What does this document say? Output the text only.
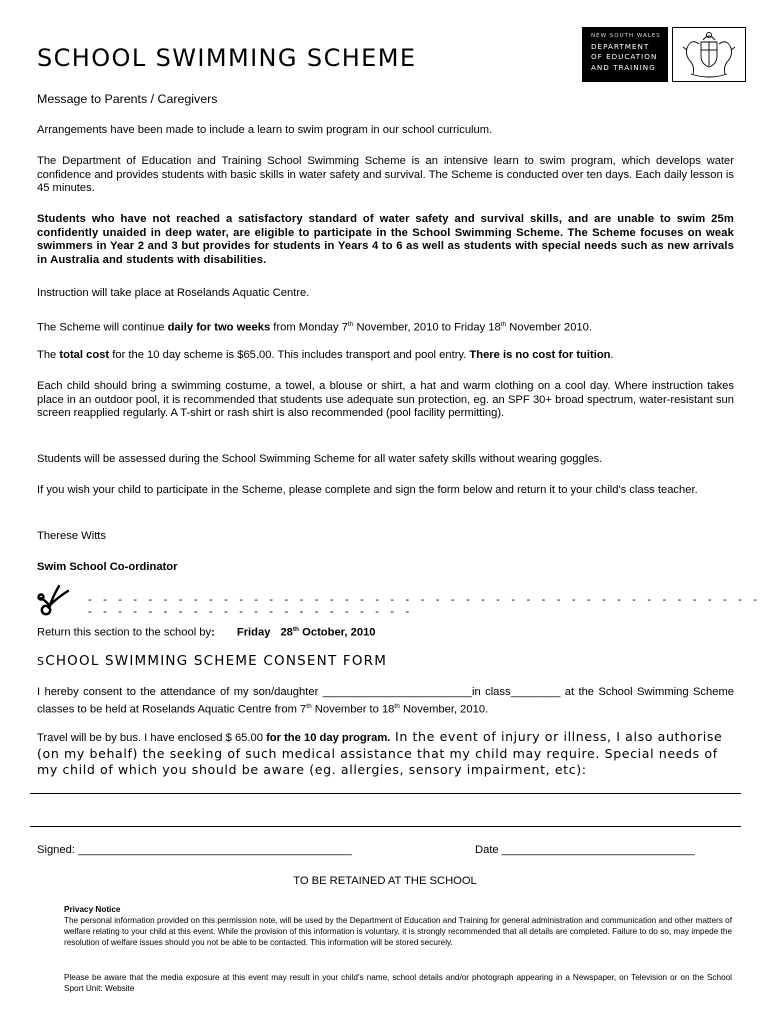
SCHOOL SWIMMING SCHEME
NEW SOUTH WALES
DEPARTMENT
OF EDUCATION
AND TRAINING

Message to Parents / Caregivers

Arrangements have been made to include a learn to swim program in our school curriculum.

The Department of Education and Training School Swimming Scheme is an intensive learn to swim program, which develops water confidence and provides students with basic skills in water safety and survival. The Scheme is conducted over ten days. Each daily lesson is 45 minutes.

Students who have not reached a satisfactory standard of water safety and survival skills, and are unable to swim 25m confidently unaided in deep water, are eligible to participate in the School Swimming Scheme. The Scheme focuses on weak swimmers in Year 2 and 3 but provides for students in Years 4 to 6 as well as students with special needs such as new arrivals in Australia and students with disabilities.

Instruction will take place at Roselands Aquatic Centre.

The Scheme will continue daily for two weeks from Monday 7th November, 2010 to Friday 18th November 2010.

The total cost for the 10 day scheme is $65.00. This includes transport and pool entry. There is no cost for tuition.

Each child should bring a swimming costume, a towel, a blouse or shirt, a hat and warm clothing on a cool day. Where instruction takes place in an outdoor pool, it is recommended that students use adequate sun protection, eg. an SPF 30+ broad spectrum, water-resistant sun screen reapplied regularly. A T-shirt or rash shirt is also recommended (pool facility permitting).

Students will be assessed during the School Swimming Scheme for all water safety skills without wearing goggles.

If you wish your child to participate in the Scheme, please complete and sign the form below and return it to your child's class teacher.

Therese Witts

Swim School Co-ordinator

- - - - - - - - - - - - - - - - - - - - - - - - - - - - - - - - - - - - - - - - - - - - - - - - - - - - - - - - - - - - - - - - - - -

Return this section to the school by: Friday 28th October, 2010

SCHOOL SWIMMING SCHEME CONSENT FORM

I hereby consent to the attendance of my son/daughter ________________________in class________ at the School Swimming Scheme classes to be held at Roselands Aquatic Centre from 7th November to 18th November, 2010.

Travel will be by bus. I have enclosed $ 65.00 for the 10 day program. In the event of injury or illness, I also authorise (on my behalf) the seeking of such medical assistance that my child may require. Special needs of my child of which you should be aware (eg. allergies, sensory impairment, etc):

Signed: ____________________________________________	Date _______________________________

TO BE RETAINED AT THE SCHOOL

Privacy Notice

The personal information provided on this permission note, will be used by the Department of Education and Training for general administration and communication and other matters of welfare relating to your child at this event. While the provision of this information is voluntary, it is strongly recommended that all details are completed. Failure to do so, may impede the resolution of welfare issues should you not be able to be contacted. This information will be stored securely.

Please be aware that the media exposure at this event may result in your child's name, school details and/or photograph appearing in a Newspaper, on Television or on the School Sport Unit: Website
